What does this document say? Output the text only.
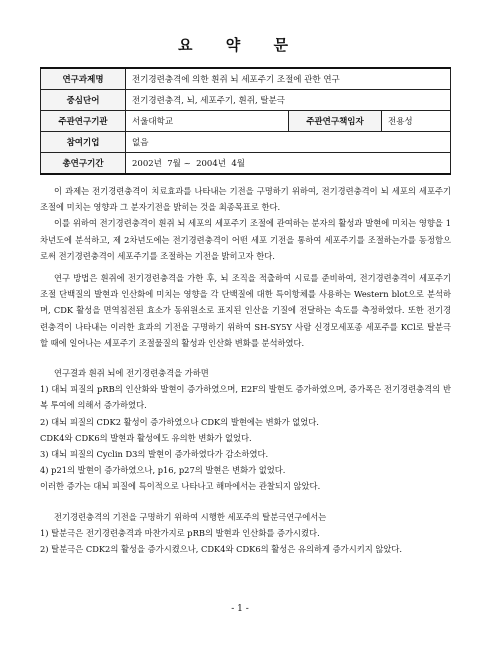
요 약 문
연구과제명	전기경련충격에 의한 흰쥐 뇌 세포주기 조절에 관한 연구		
중심단어	전기경련충격, 뇌, 세포주기, 흰쥐, 탈분극		
주관연구기관	서울대학교	주관연구책임자	전용성
참여기업	없음		
총연구기간	2002년  7월 ~  2004년  4월		

이 과제는 전기경련충격이 치료효과를 나타내는 기전을 구명하기 위하여, 전기경련충격이 뇌 세포의 세포주기 조절에 미치는 영향과 그 분자기전을 밝히는 것을 최종목표로 한다.

이를 위하여 전기경련충격이 흰쥐 뇌 세포의 세포주기 조절에 관여하는 분자의 활성과 발현에 미치는 영향을 1차년도에 분석하고, 제 2차년도에는 전기경련충격이 어떤 세포 기전을 통하여 세포주기를 조절하는가를 동정함으로써 전기경련충격이 세포주기를 조절하는 기전을 밝히고자 한다.

연구 방법은 흰쥐에 전기경련충격을 가한 후, 뇌 조직을 적출하여 시료를 준비하여, 전기경련충격이 세포주기 조절 단백질의 발현과 인산화에 미치는 영향을 각 단백질에 대한 특이항체를 사용하는 Western blot으로 분석하며, CDK 활성을 면역침전된 효소가 동위원소로 표지된 인산을 기질에 전달하는 속도를 측정하였다. 또한 전기경련충격이 나타내는 이러한 효과의 기전을 구명하기 위하여 SH-SY5Y 사람 신경모세포종 세포주를 KCl로 탈분극할 때에 일어나는 세포주기 조절물질의 활성과 인산화 변화를 분석하였다.

연구결과 흰쥐 뇌에 전기경련충격을 가하면

1) 대뇌 피질의 pRB의 인산화와 발현이 증가하였으며, E2F의 발현도 증가하였으며, 증가폭은 전기경련충격의 반복 투여에 의해서 증가하였다.

2) 대뇌 피질의 CDK2 활성이 증가하였으나 CDK의 발현에는 변화가 없었다.

CDK4와 CDK6의 발현과 활성에도 유의한 변화가 없었다.

3) 대뇌 피질의 Cyclin D3의 발현이 증가하였다가 감소하였다.

4) p21의 발현이 증가하였으나, p16, p27의 발현은 변화가 없었다.

이러한 증가는 대뇌 피질에 특이적으로 나타나고 해마에서는 관찰되지 않았다.

전기경련충격의 기전을 구명하기 위하여 시행한 세포주의 탈분극연구에서는

1) 탈분극은 전기경련충격과 마찬가지로 pRB의 발현과 인산화를 증가시켰다.

2) 탈분극은 CDK2의 활성을 증가시켰으나, CDK4와 CDK6의 활성은 유의하게 증가시키지 않았다.

- 1 -
